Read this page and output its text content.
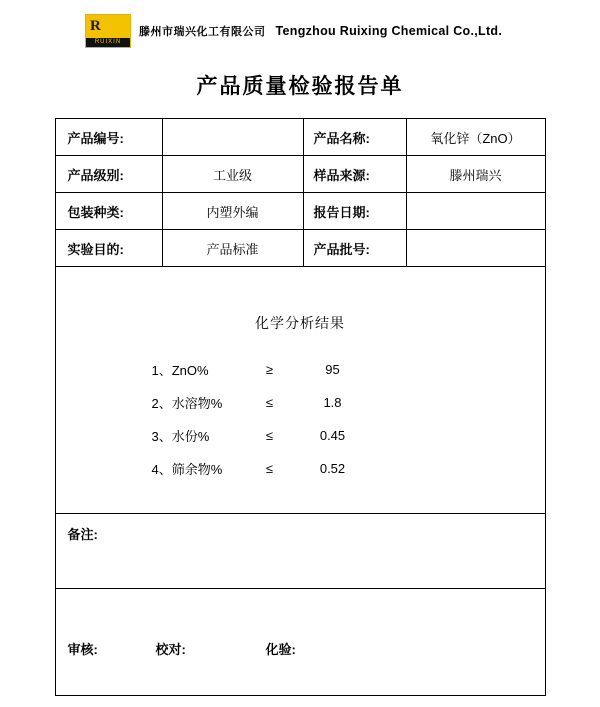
R
RUIXIN
滕州市瑞兴化工有限公司 Tengzhou Ruixing Chemical Co.,Ltd.
产品质量检验报告单
产品编号:		产品名称:	氧化锌（ZnO）
产品级别:	工业级	样品来源:	滕州瑞兴
包装种类:	内塑外编	报告日期:	
实验目的:	产品标准	产品批号:	

化学分析结果
1、ZnO%	≥	95
2、水溶物%	≤	1.8
3、水份%	≤	0.45
4、筛余物%	≤	0.52

备注:			

审核: 校对: 化验:			
